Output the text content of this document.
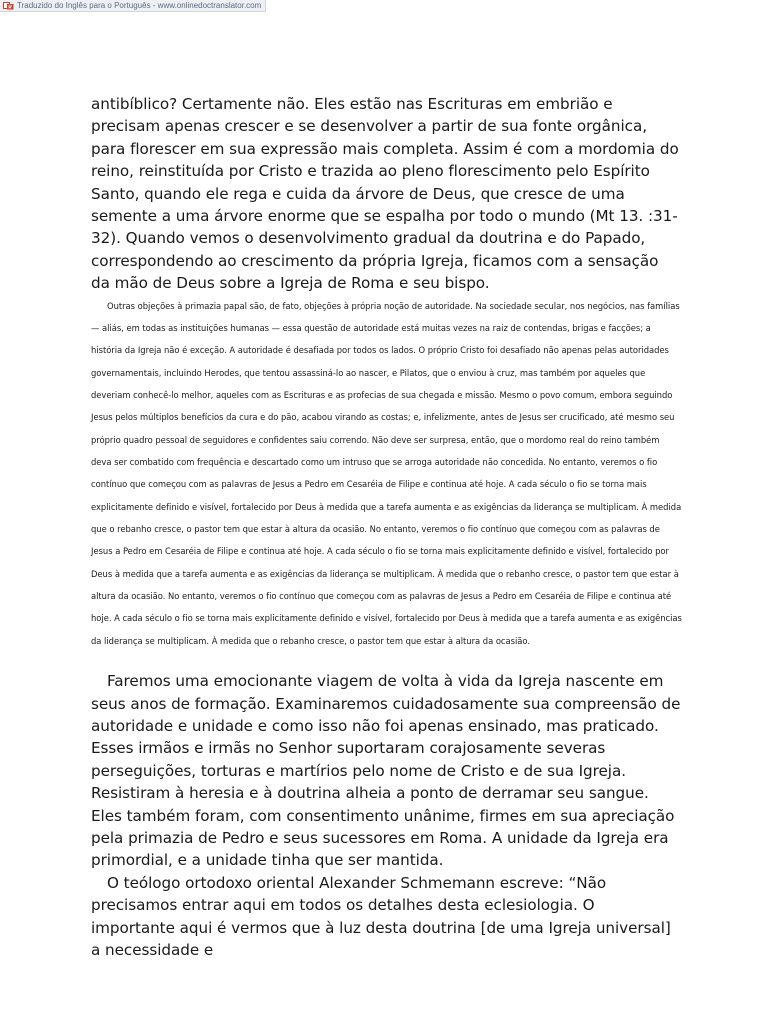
Traduzido do Inglês para o Português - www.onlinedoctranslator.com

antibíblico? Certamente não. Eles estão nas Escrituras em embrião e precisam apenas crescer e se desenvolver a partir de sua fonte orgânica, para florescer em sua expressão mais completa. Assim é com a mordomia do reino, reinstituída por Cristo e trazida ao pleno florescimento pelo Espírito Santo, quando ele rega e cuida da árvore de Deus, que cresce de uma semente a uma árvore enorme que se espalha por todo o mundo (Mt 13. :31-32). Quando vemos o desenvolvimento gradual da doutrina e do Papado, correspondendo ao crescimento da própria Igreja, ficamos com a sensação da mão de Deus sobre a Igreja de Roma e seu bispo.

Outras objeções à primazia papal são, de fato, objeções à própria noção de autoridade. Na sociedade secular, nos negócios, nas famílias — aliás, em todas as instituições humanas — essa questão de autoridade está muitas vezes na raiz de contendas, brigas e facções; a história da Igreja não é exceção. A autoridade é desafiada por todos os lados. O próprio Cristo foi desafiado não apenas pelas autoridades governamentais, incluindo Herodes, que tentou assassiná-lo ao nascer, e Pilatos, que o enviou à cruz, mas também por aqueles que deveriam conhecê-lo melhor, aqueles com as Escrituras e as profecias de sua chegada e missão. Mesmo o povo comum, embora seguindo Jesus pelos múltiplos benefícios da cura e do pão, acabou virando as costas; e, infelizmente, antes de Jesus ser crucificado, até mesmo seu próprio quadro pessoal de seguidores e confidentes saiu correndo. Não deve ser surpresa, então, que o mordomo real do reino também deva ser combatido com frequência e descartado como um intruso que se arroga autoridade não concedida. No entanto, veremos o fio contínuo que começou com as palavras de Jesus a Pedro em Cesaréia de Filipe e continua até hoje. A cada século o fio se torna mais explicitamente definido e visível, fortalecido por Deus à medida que a tarefa aumenta e as exigências da liderança se multiplicam. À medida que o rebanho cresce, o pastor tem que estar à altura da ocasião. No entanto, veremos o fio contínuo que começou com as palavras de Jesus a Pedro em Cesaréia de Filipe e continua até hoje. A cada século o fio se torna mais explicitamente definido e visível, fortalecido por Deus à medida que a tarefa aumenta e as exigências da liderança se multiplicam. À medida que o rebanho cresce, o pastor tem que estar à altura da ocasião. No entanto, veremos o fio contínuo que começou com as palavras de Jesus a Pedro em Cesaréia de Filipe e continua até hoje. A cada século o fio se torna mais explicitamente definido e visível, fortalecido por Deus à medida que a tarefa aumenta e as exigências da liderança se multiplicam. À medida que o rebanho cresce, o pastor tem que estar à altura da ocasião.

Faremos uma emocionante viagem de volta à vida da Igreja nascente em seus anos de formação. Examinaremos cuidadosamente sua compreensão de autoridade e unidade e como isso não foi apenas ensinado, mas praticado. Esses irmãos e irmãs no Senhor suportaram corajosamente severas perseguições, torturas e martírios pelo nome de Cristo e de sua Igreja. Resistiram à heresia e à doutrina alheia a ponto de derramar seu sangue. Eles também foram, com consentimento unânime, firmes em sua apreciação pela primazia de Pedro e seus sucessores em Roma. A unidade da Igreja era primordial, e a unidade tinha que ser mantida.

O teólogo ortodoxo oriental Alexander Schmemann escreve: “Não precisamos entrar aqui em todos os detalhes desta eclesiologia. O importante aqui é vermos que à luz desta doutrina [de uma Igreja universal] a necessidade e
